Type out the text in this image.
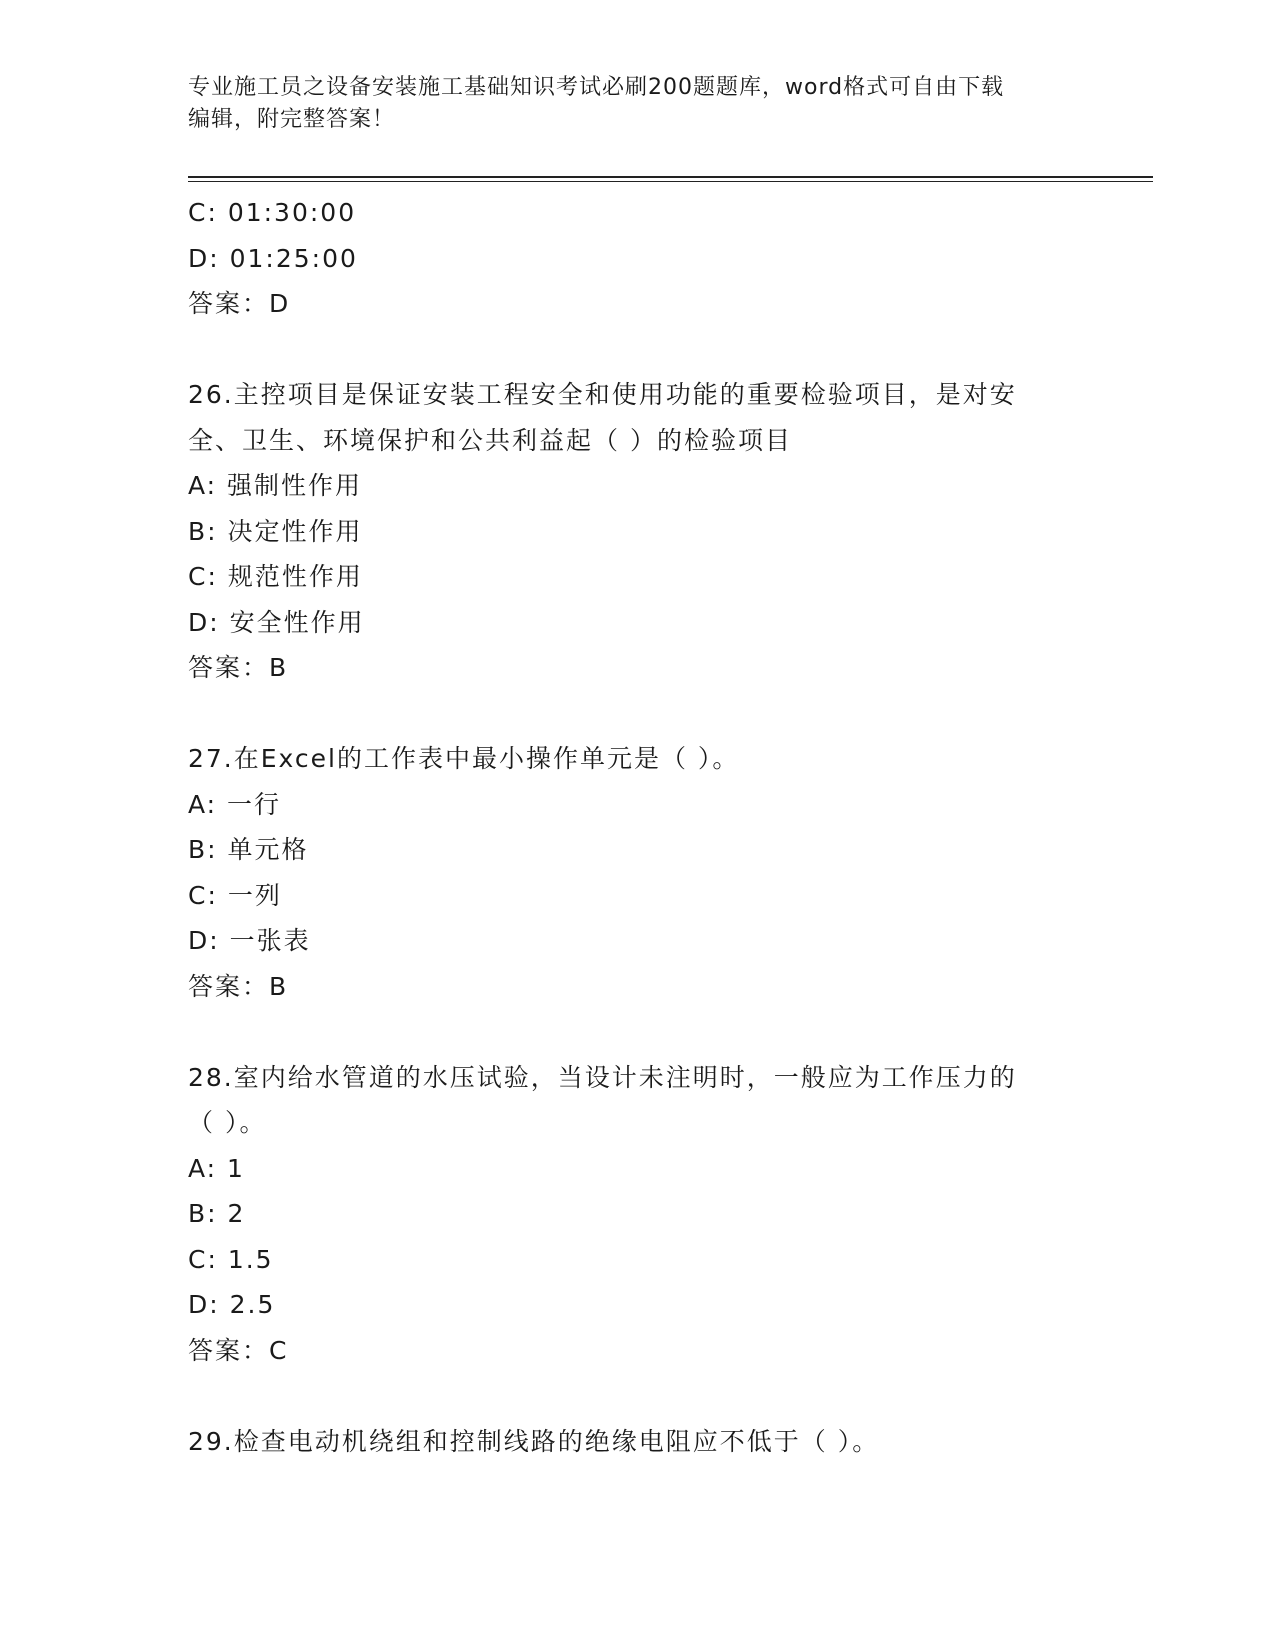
专业施工员之设备安装施工基础知识考试必刷200题题库，word格式可自由下载
编辑，附完整答案！
C: 01:30:00
D: 01:25:00
答案：D
26.主控项目是保证安装工程安全和使用功能的重要检验项目，是对安
全、卫生、环境保护和公共利益起（ ）的检验项目
A: 强制性作用
B: 决定性作用
C: 规范性作用
D: 安全性作用
答案：B
27.在Excel的工作表中最小操作单元是（ ）。
A: 一行
B: 单元格
C: 一列
D: 一张表
答案：B
28.室内给水管道的水压试验，当设计未注明时，一般应为工作压力的
（ ）。
A: 1
B: 2
C: 1.5
D: 2.5
答案：C
29.检查电动机绕组和控制线路的绝缘电阻应不低于（ ）。
